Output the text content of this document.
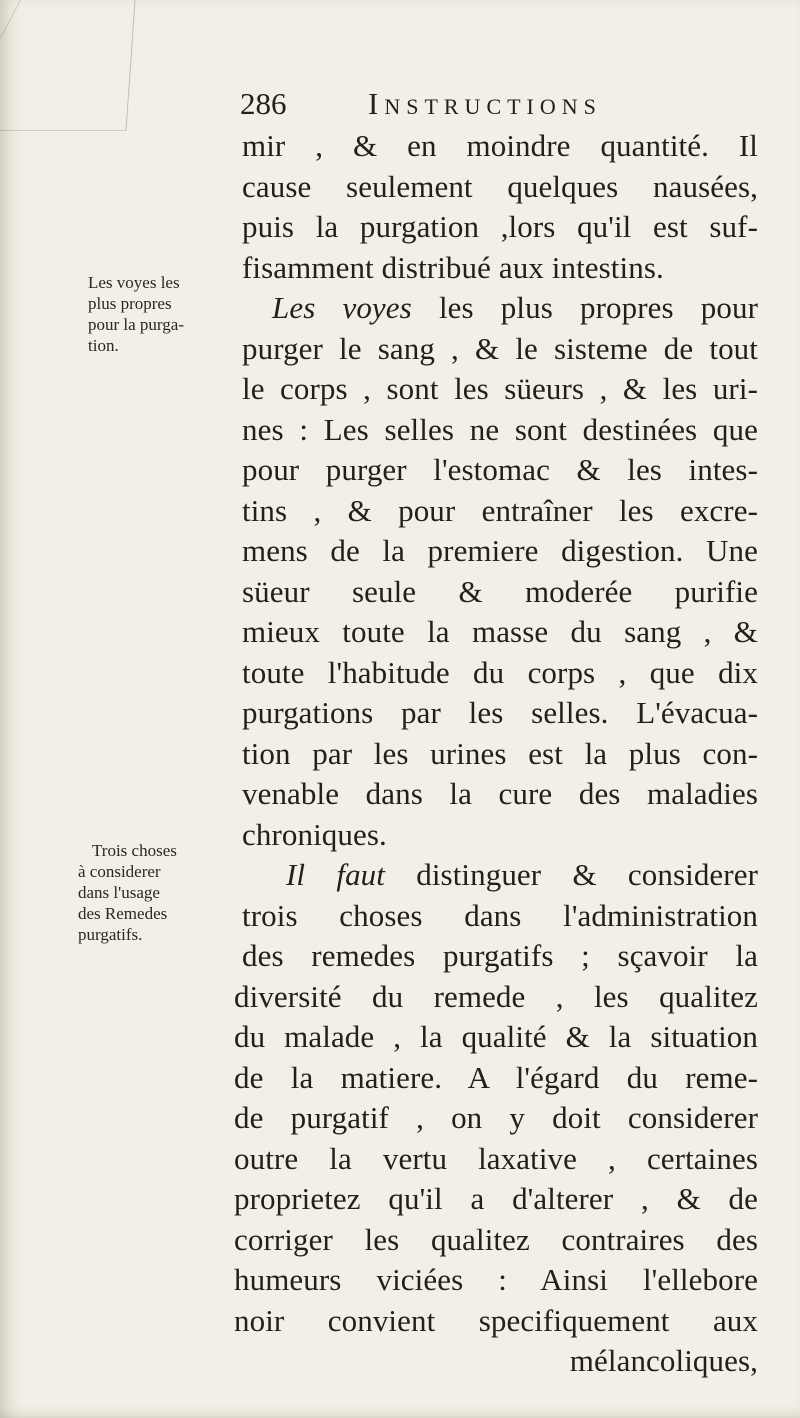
286	Instructions
Les voyes les
plus propres
pour la purga-
tion.
Trois choses
à considerer
dans l'usage
des Remedes
purgatifs.
mir , & en moindre quantité. Il
cause seulement quelques nausées,
puis la purgation ,lors qu'il est suf-
fisamment distribué aux intestins.
Les voyes les plus propres pour
purger le sang , & le sisteme de tout
le corps , sont les süeurs , & les uri-
nes : Les selles ne sont destinées que
pour purger l'estomac & les intes-
tins , & pour entraîner les excre-
mens de la premiere digestion. Une
süeur seule & moderée purifie
mieux toute la masse du sang , &
toute l'habitude du corps , que dix
purgations par les selles. L'évacua-
tion par les urines est la plus con-
venable dans la cure des maladies
chroniques.
Il faut distinguer & considerer
trois choses dans l'administration
des remedes purgatifs ; sçavoir la
diversité du remede , les qualitez
du malade , la qualité & la situation
de la matiere. A l'égard du reme-
de purgatif , on y doit considerer
outre la vertu laxative , certaines
proprietez qu'il a d'alterer , & de
corriger les qualitez contraires des
humeurs viciées : Ainsi l'ellebore
noir convient specifiquement aux
mélancoliques,
